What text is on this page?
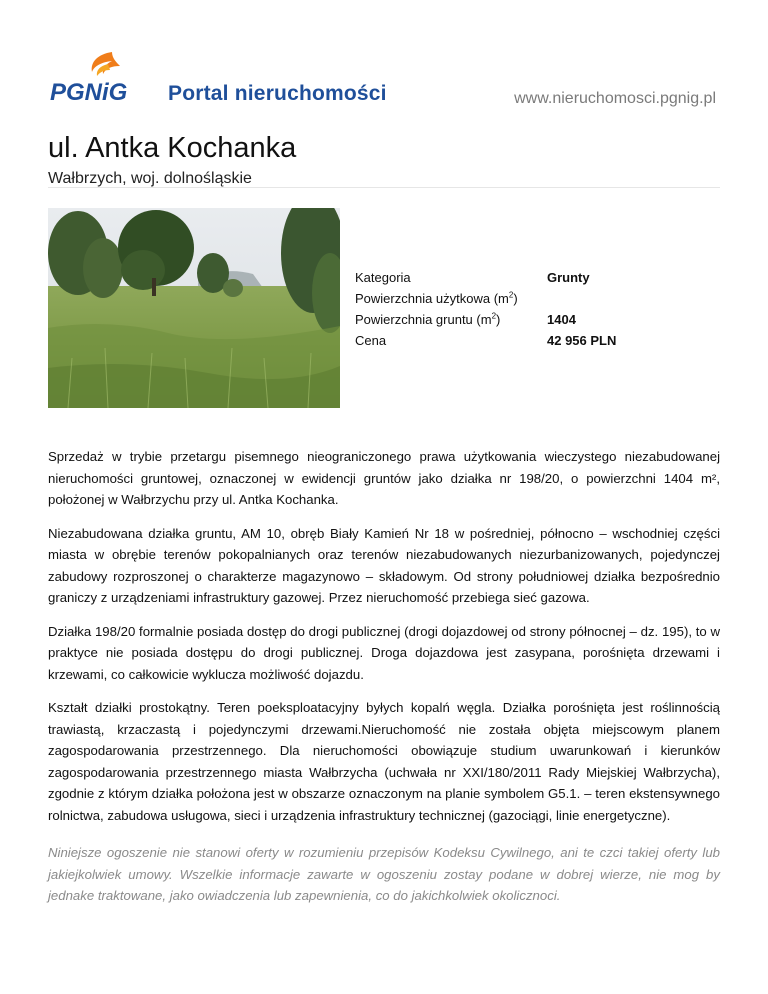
PGNiG Portal nieruchomości	www.nieruchomosci.pgnig.pl
ul. Antka Kochanka
Wałbrzych, woj. dolnośląskie
Kategoria	Grunty
Powierzchnia użytkowa $(m^2)$
Powierzchnia gruntu $(m^2)$	1404
Cena	42 956 PLN

Sprzedaż w trybie przetargu pisemnego nieograniczonego prawa użytkowania wieczystego niezabudowanej nieruchomości gruntowej, oznaczonej w ewidencji gruntów jako działka nr 198/20, o powierzchni 1404 m², położonej w Wałbrzychu przy ul. Antka Kochanka.

Niezabudowana działka gruntu, AM 10, obręb Biały Kamień Nr 18 w pośredniej, północno – wschodniej części miasta w obrębie terenów pokopalnianych oraz terenów niezabudowanych niezurbanizowanych, pojedynczej zabudowy rozproszonej o charakterze magazynowo – składowym. Od strony południowej działka bezpośrednio graniczy z urządzeniami infrastruktury gazowej. Przez nieruchomość przebiega sieć gazowa.

Działka 198/20 formalnie posiada dostęp do drogi publicznej (drogi dojazdowej od strony północnej – dz. 195), to w praktyce nie posiada dostępu do drogi publicznej. Droga dojazdowa jest zasypana, porośnięta drzewami i krzewami, co całkowicie wyklucza możliwość dojazdu.

Kształt działki prostokątny. Teren poeksploatacyjny byłych kopalń węgla. Działka porośnięta jest roślinnością trawiastą, krzaczastą i pojedynczymi drzewami.Nieruchomość nie została objęta miejscowym planem zagospodarowania przestrzennego. Dla nieruchomości obowiązuje studium uwarunkowań i kierunków zagospodarowania przestrzennego miasta Wałbrzycha (uchwała nr XXI/180/2011 Rady Miejskiej Wałbrzycha), zgodnie z którym działka położona jest w obszarze oznaczonym na planie symbolem G5.1. – teren ekstensywnego rolnictwa, zabudowa usługowa, sieci i urządzenia infrastruktury technicznej (gazociągi, linie energetyczne).

Niniejsze ogoszenie nie stanowi oferty w rozumieniu przepisów Kodeksu Cywilnego, ani te czci takiej oferty lub jakiejkolwiek umowy. Wszelkie informacje zawarte w ogoszeniu zostay podane w dobrej wierze, nie mog by jednake traktowane, jako owiadczenia lub zapewnienia, co do jakichkolwiek okolicznoci.
